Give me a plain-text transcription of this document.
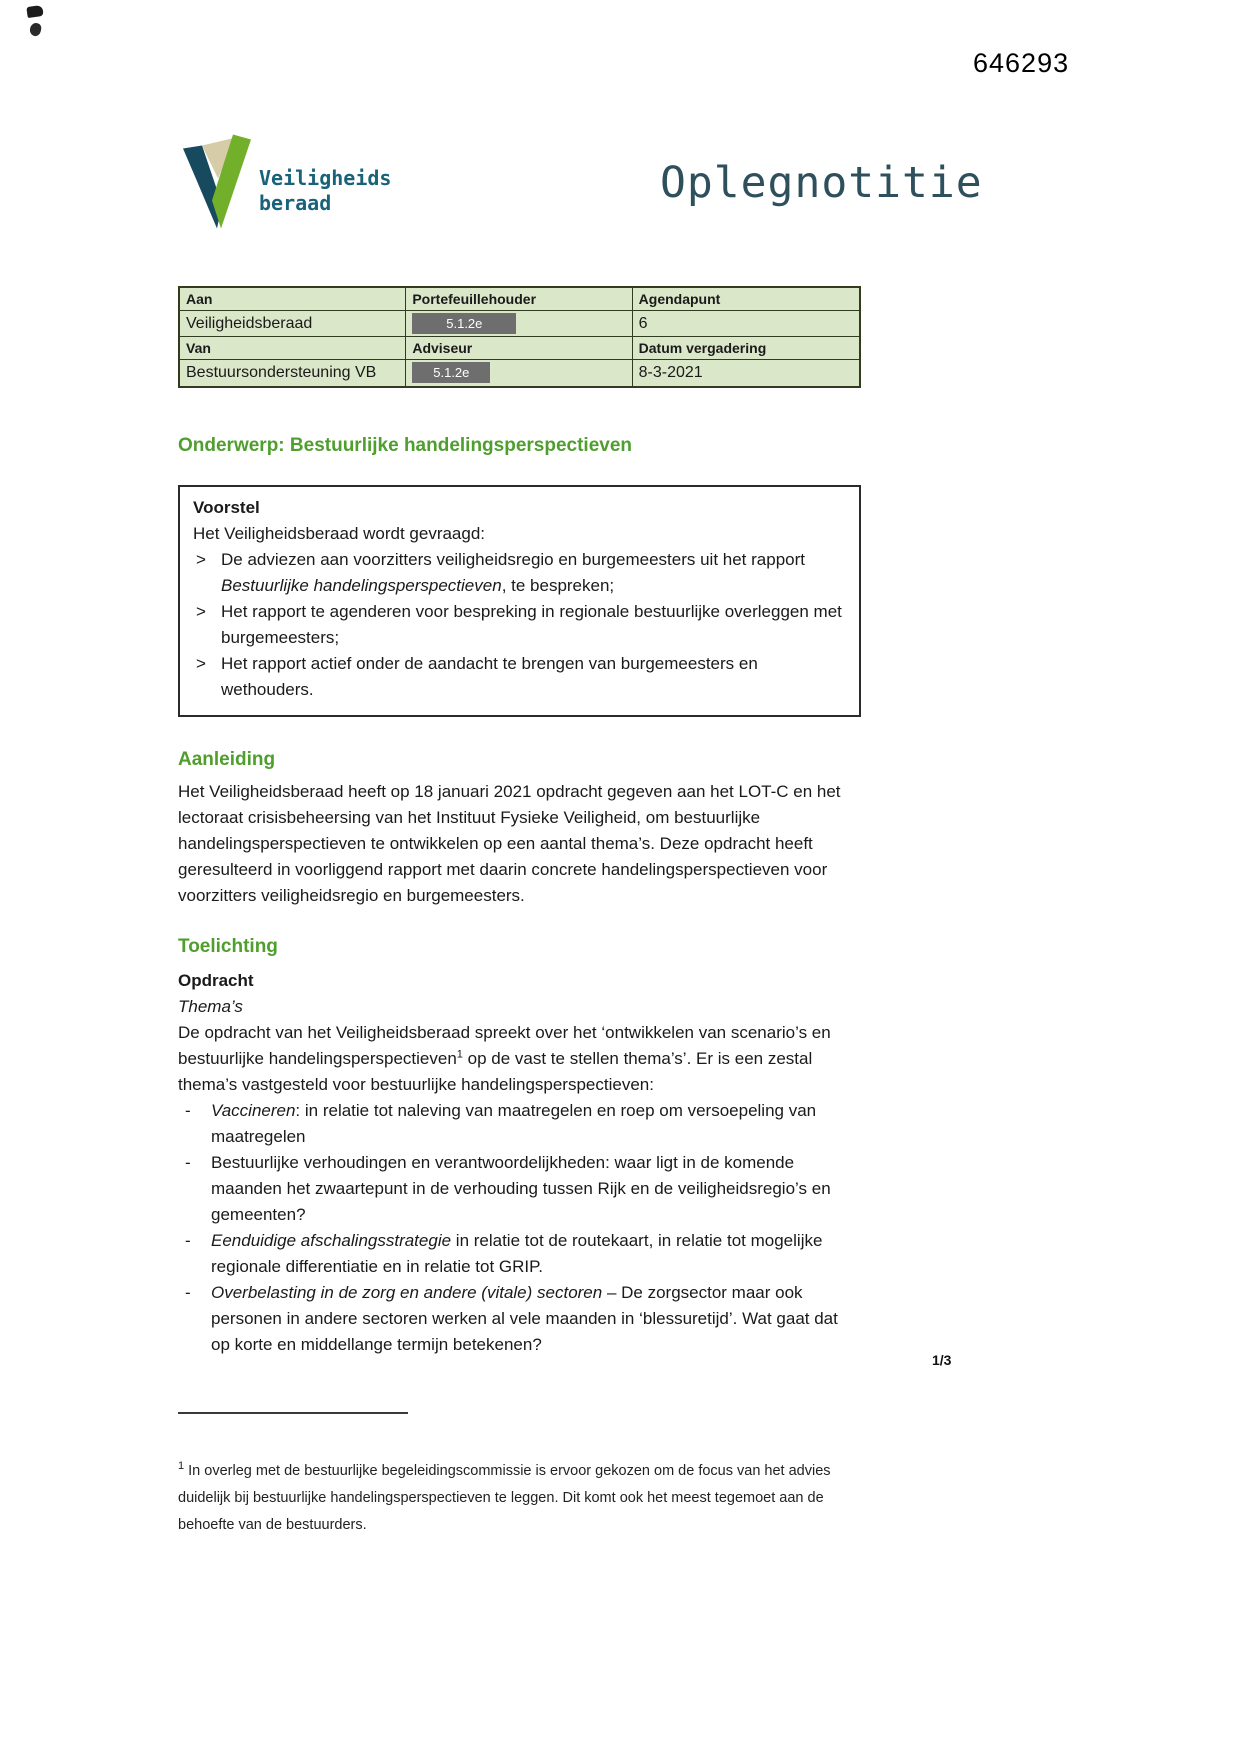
646293
Veiligheids
beraad	Oplegnotitie
Aan	Portefeuillehouder	Agendapunt
Veiligheidsberaad	5.1.2e	6
Van	Adviseur	Datum vergadering
Bestuursondersteuning VB	5.1.2e	8-3-2021
Onderwerp: Bestuurlijke handelingsperspectieven
Voorstel
Het Veiligheidsberaad wordt gevraagd:
> De adviezen aan voorzitters veiligheidsregio en burgemeesters uit het rapport Bestuurlijke handelingsperspectieven, te bespreken;
> Het rapport te agenderen voor bespreking in regionale bestuurlijke overleggen met burgemeesters;
> Het rapport actief onder de aandacht te brengen van burgemeesters en wethouders.
Aanleiding
Het Veiligheidsberaad heeft op 18 januari 2021 opdracht gegeven aan het LOT-C en het lectoraat crisisbeheersing van het Instituut Fysieke Veiligheid, om bestuurlijke handelingsperspectieven te ontwikkelen op een aantal thema’s. Deze opdracht heeft geresulteerd in voorliggend rapport met daarin concrete handelingsperspectieven voor voorzitters veiligheidsregio en burgemeesters.
Toelichting
Opdracht
Thema’s
De opdracht van het Veiligheidsberaad spreekt over het ‘ontwikkelen van scenario’s en bestuurlijke handelingsperspectieven$^1$ op de vast te stellen thema’s’. Er is een zestal thema’s vastgesteld voor bestuurlijke handelingsperspectieven:
-	Vaccineren: in relatie tot naleving van maatregelen en roep om versoepeling van maatregelen
-	Bestuurlijke verhoudingen en verantwoordelijkheden: waar ligt in de komende maanden het zwaartepunt in de verhouding tussen Rijk en de veiligheidsregio’s en gemeenten?
-	Eenduidige afschalingsstrategie in relatie tot de routekaart, in relatie tot mogelijke regionale differentiatie en in relatie tot GRIP.
-	Overbelasting in de zorg en andere (vitale) sectoren – De zorgsector maar ook personen in andere sectoren werken al vele maanden in ‘blessuretijd’. Wat gaat dat op korte en middellange termijn betekenen?
$^1$ In overleg met de bestuurlijke begeleidingscommissie is ervoor gekozen om de focus van het advies duidelijk bij bestuurlijke handelingsperspectieven te leggen. Dit komt ook het meest tegemoet aan de behoefte van de bestuurders.
1/3
